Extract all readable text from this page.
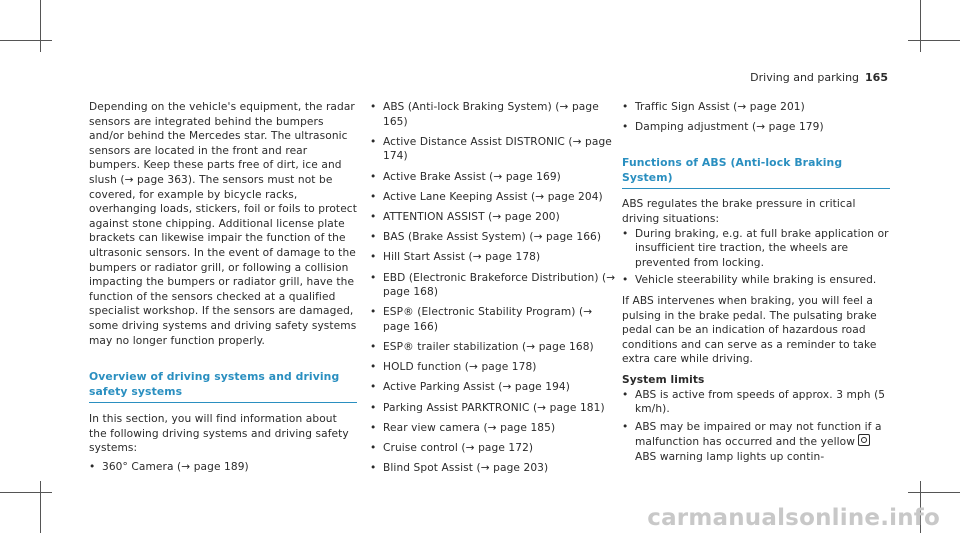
Driving and parking 165

Depending on the vehicle's equipment, the radar sensors are integrated behind the bumpers and/or behind the Mercedes star. The ultrasonic sensors are located in the front and rear bumpers. Keep these parts free of dirt, ice and slush (→ page 363). The sensors must not be covered, for example by bicycle racks, overhanging loads, stickers, foil or foils to protect against stone chipping. Additional license plate brackets can likewise impair the function of the ultrasonic sensors. In the event of damage to the bumpers or radiator grill, or following a collision impacting the bumpers or radiator grill, have the function of the sensors checked at a qualified specialist workshop. If the sensors are damaged, some driving systems and driving safety systems may no longer function properly.

Overview of driving systems and driving safety systems

In this section, you will find information about the following driving systems and driving safety systems:

• 360° Camera (→ page 189)
• ABS (Anti-lock Braking System) (→ page 165)
• Active Distance Assist DISTRONIC (→ page 174)
• Active Brake Assist (→ page 169)
• Active Lane Keeping Assist (→ page 204)
• ATTENTION ASSIST (→ page 200)
• BAS (Brake Assist System) (→ page 166)
• Hill Start Assist (→ page 178)
• EBD (Electronic Brakeforce Distribution) (→ page 168)
• ESP® (Electronic Stability Program) (→ page 166)
• ESP® trailer stabilization (→ page 168)
• HOLD function (→ page 178)
• Active Parking Assist (→ page 194)
• Parking Assist PARKTRONIC (→ page 181)
• Rear view camera (→ page 185)
• Cruise control (→ page 172)
• Blind Spot Assist (→ page 203)
• Traffic Sign Assist (→ page 201)
• Damping adjustment (→ page 179)
Functions of ABS (Anti-lock Braking System)

ABS regulates the brake pressure in critical driving situations:

• During braking, e.g. at full brake application or insufficient tire traction, the wheels are prevented from locking.
• Vehicle steerability while braking is ensured.

If ABS intervenes when braking, you will feel a pulsing in the brake pedal. The pulsating brake pedal can be an indication of hazardous road conditions and can serve as a reminder to take extra care while driving.

System limits
• ABS is active from speeds of approx. 3 mph (5 km/h).
• ABS may be impaired or may not function if a malfunction has occurred and the yellowABS warning lamp lights up contin-
carmanualsonline.info
